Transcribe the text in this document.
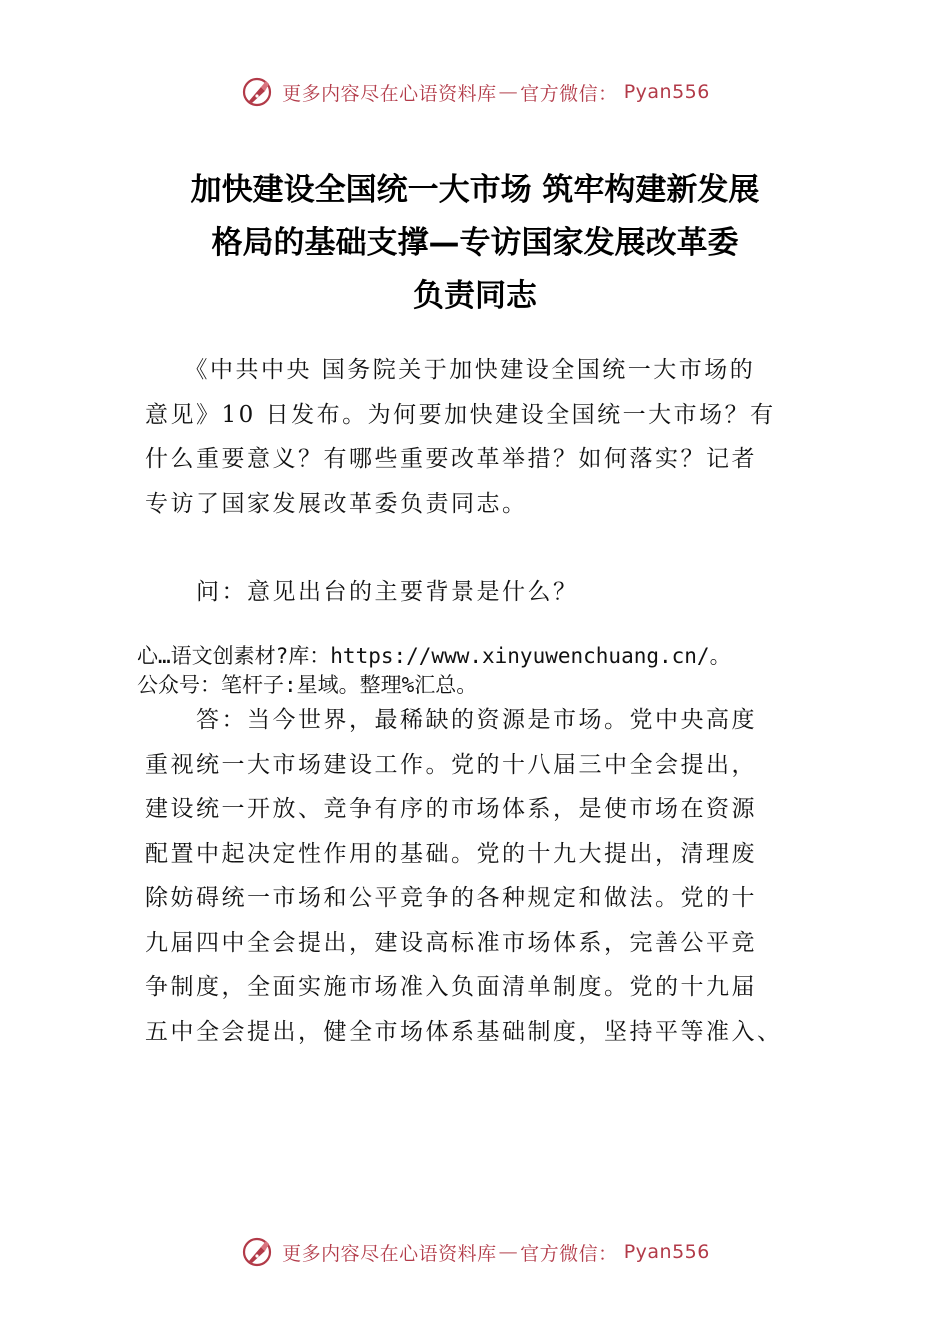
更多内容尽在心语资料库 — 官方微信： Pyan556
加快建设全国统一大市场 筑牢构建新发展
格局的基础支撑—专访国家发展改革委
负责同志

　　《中共中央 国务院关于加快建设全国统一大市场的
意见》10 日发布。为何要加快建设全国统一大市场？有
什么重要意义？有哪些重要改革举措？如何落实？记者
专访了国家发展改革委负责同志。

　　问：意见出台的主要背景是什么？

心…语文创素材?库：https://www.xinyuwenchuang.cn/。
公众号：笔杆子:星域。整理%汇总。

　　答：当今世界，最稀缺的资源是市场。党中央高度
重视统一大市场建设工作。党的十八届三中全会提出，
建设统一开放、竞争有序的市场体系，是使市场在资源
配置中起决定性作用的基础。党的十九大提出，清理废
除妨碍统一市场和公平竞争的各种规定和做法。党的十
九届四中全会提出，建设高标准市场体系，完善公平竞
争制度，全面实施市场准入负面清单制度。党的十九届
五中全会提出，健全市场体系基础制度，坚持平等准入、

更多内容尽在心语资料库 — 官方微信： Pyan556
